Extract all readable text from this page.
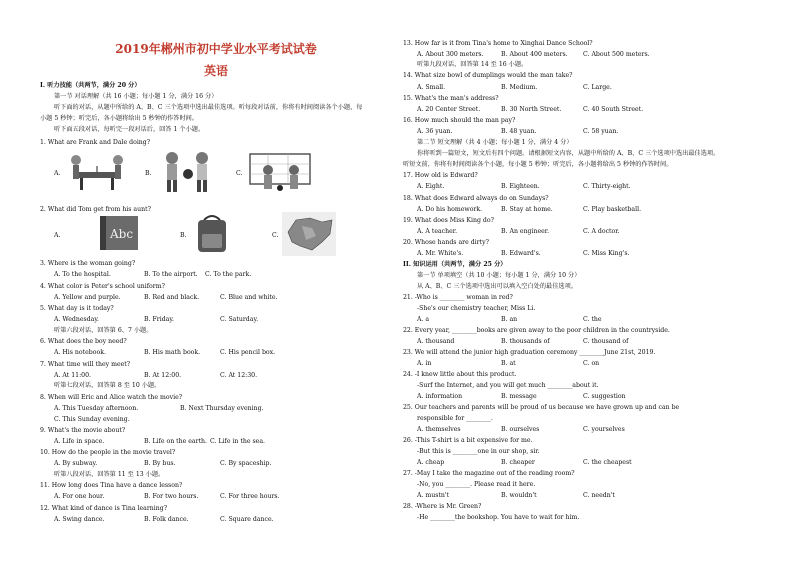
2019年郴州市初中学业水平考试试卷
英语
I. 听力技能（共两节，满分 20 分）
第一节 对话理解（共 16 小题；每小题 1 分，满分 16 分）
听下面的对话，从题中所给的 A、B、C 三个选项中选出最佳选项。听每段对话前，你将有时间阅读各个小题，每
小题 5 秒钟；听完后，各小题将给出 5 秒钟的作答时间。
听下面五段对话，每听完一段对话后，回答 1 个小题。
1. What are Frank and Dale doing?
A.	B.	C.
2. What did Tom get from his aunt?
A.	Abc	B.	C.
3. Where is the woman going?
A. To the hospital.	B. To the airport. C. To the park.
4. What color is Peter's school uniform?
A. Yellow and purple.	B. Red and black.	C. Blue and white.
5. What day is it today?
A. Wednesday.	B. Friday.	C. Saturday.
听第六段对话，回答第 6、7 小题。
6. What does the boy need?
A. His notebook.	B. His math book.	C. His pencil box.
7. What time will they meet?
A. At 11:00.	B. At 12:00.	C. At 12:30.
听第七段对话，回答第 8 至 10 小题。
8. When will Eric and Alice watch the movie?
A. This Tuesday afternoon.	B. Next Thursday evening.
C. This Sunday evening.
9. What's the movie about?
A. Life in space.	B. Life on the earth. C. Life in the sea.
10. How do the people in the movie travel?
A. By subway.	B. By bus.	C. By spaceship.
听第八段对话，回答第 11 至 13 小题。
11. How long does Tina have a dance lesson?
A. For one hour.	B. For two hours.	C. For three hours.
12. What kind of dance is Tina learning?
A. Swing dance.	B. Folk dance.	C. Square dance.
13. How far is it from Tina's home to Xinghai Dance School?
A. About 300 meters.	B. About 400 meters. C. About 500 meters.
听第九段对话，回答第 14 至 16 小题。
14. What size bowl of dumplings would the man take?
A. Small.	B. Medium.	C. Large.
15. What's the man's address?
A. 20 Center Street.	B. 30 North Street.	C. 40 South Street.
16. How much should the man pay?
A. 36 yuan.	B. 48 yuan.	C. 58 yuan.
第二节 短文理解（共 4 小题；每小题 1 分，满分 4 分）
你将听到一篇短文，短文后有四个问题。请根据短文内容，从题中所给的 A、B、C 三个选项中选出最佳选项。
听短文前，你将有时间阅读各个小题，每小题 5 秒钟；听完后，各小题将给出 5 秒钟的作答时间。
17. How old is Edward?
A. Eight.	B. Eighteen.	C. Thirty-eight.
18. What does Edward always do on Sundays?
A. Do his homework.	B. Stay at home.	C. Play basketball.
19. What does Miss King do?
A. A teacher.	B. An engineer.	C. A doctor.
20. Whose hands are dirty?
A. Mr. White's.	B. Edward's.	C. Miss King's.
II. 知识运用（共两节，满分 25 分）
第一节 单项填空（共 10 小题；每小题 1 分，满分 10 分）
从 A、B、C 三个选项中选出可以填入空白处的最佳选项。
21. -Who is ________ woman in red?
-She's our chemistry teacher, Miss Li.
A. a	B. an	C. the
22. Every year, ________books are given away to the poor children in the countryside.
A. thousand	B. thousands of	C. thousand of
23. We will attend the junior high graduation ceremony ________June 21st, 2019.
A. in	B. at	C. on
24. -I knew little about this product.
-Surf the Internet, and you will get much ________about it.
A. information	B. message	C. suggestion
25. Our teachers and parents will be proud of us because we have grown up and can be
responsible for ________.
A. themselves	B. ourselves	C. yourselves
26. -This T-shirt is a bit expensive for me.
-But this is ________one in our shop, sir.
A. cheap	B. cheaper	C. the cheapest
27. -May I take the magazine out of the reading room?
-No, you ________. Please read it here.
A. mustn't	B. wouldn't	C. needn't
28. -Where is Mr. Green?
-He ________the bookshop. You have to wait for him.
